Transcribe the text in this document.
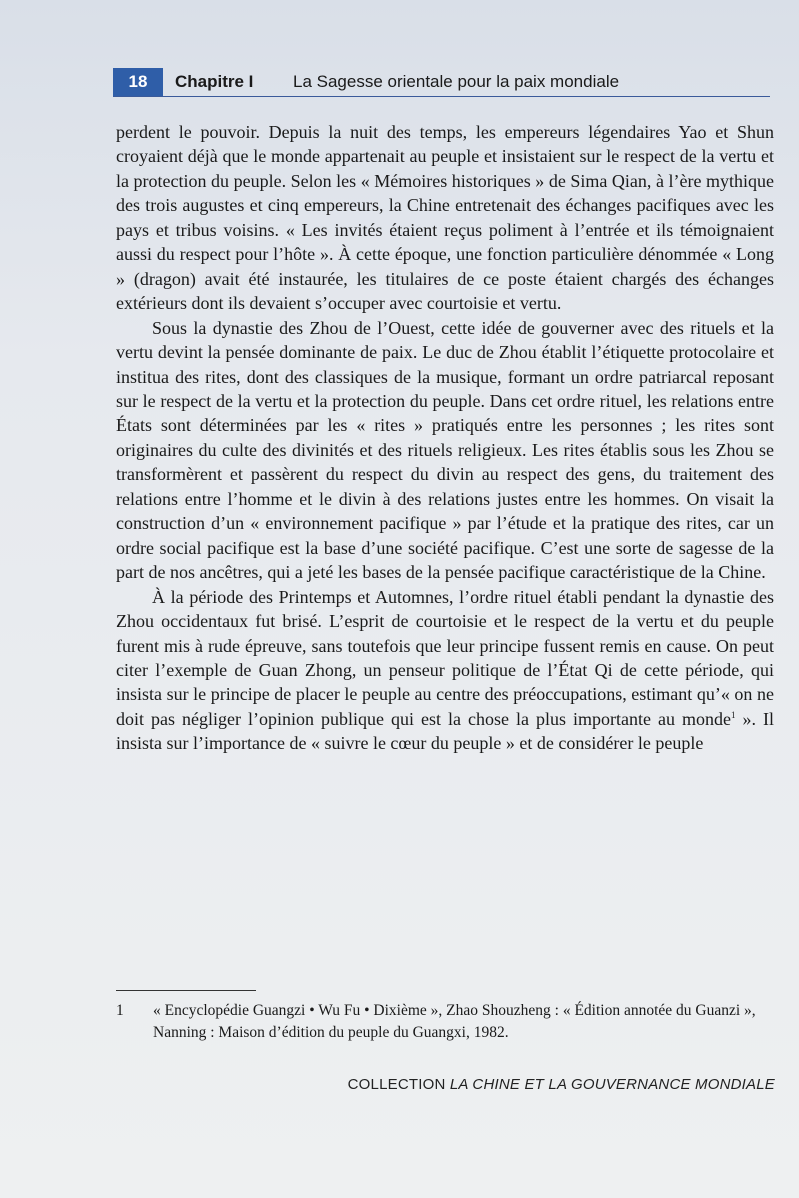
18	Chapitre I La Sagesse orientale pour la paix mondiale

perdent le pouvoir. Depuis la nuit des temps, les empereurs légendaires Yao et Shun croyaient déjà que le monde appartenait au peuple et insistaient sur le respect de la vertu et la protection du peuple. Selon les « Mémoires historiques » de Sima Qian, à l’ère mythique des trois augustes et cinq empereurs, la Chine entretenait des échanges pacifiques avec les pays et tribus voisins. « Les invités étaient reçus poliment à l’entrée et ils témoignaient aussi du respect pour l’hôte ». À cette époque, une fonction particulière dénommée « Long » (dragon) avait été instaurée, les titulaires de ce poste étaient chargés des échanges extérieurs dont ils devaient s’occuper avec courtoisie et vertu.

Sous la dynastie des Zhou de l’Ouest, cette idée de gouverner avec des rituels et la vertu devint la pensée dominante de paix. Le duc de Zhou établit l’étiquette protocolaire et institua des rites, dont des classiques de la musique, formant un ordre patriarcal reposant sur le respect de la vertu et la protection du peuple. Dans cet ordre rituel, les relations entre États sont déterminées par les « rites » pratiqués entre les personnes ; les rites sont originaires du culte des divinités et des rituels religieux. Les rites établis sous les Zhou se transformèrent et passèrent du respect du divin au respect des gens, du traitement des relations entre l’homme et le divin à des relations justes entre les hommes. On visait la construction d’un « environnement pacifique » par l’étude et la pratique des rites, car un ordre social pacifique est la base d’une société pacifique. C’est une sorte de sagesse de la part de nos ancêtres, qui a jeté les bases de la pensée pacifique caractéristique de la Chine.

À la période des Printemps et Automnes, l’ordre rituel établi pendant la dynastie des Zhou occidentaux fut brisé. L’esprit de courtoisie et le respect de la vertu et du peuple furent mis à rude épreuve, sans toutefois que leur principe fussent remis en cause. On peut citer l’exemple de Guan Zhong, un penseur politique de l’État Qi de cette période, qui insista sur le principe de placer le peuple au centre des préoccupations, estimant qu’« on ne doit pas négliger l’opinion publique qui est la chose la plus importante au monde$^1$ ». Il insista sur l’importance de « suivre le cœur du peuple » et de considérer le peuple

1 « Encyclopédie Guangzi • Wu Fu • Dixième », Zhao Shouzheng : « Édition annotée du Guanzi », Nanning : Maison d’édition du peuple du Guangxi, 1982.
COLLECTION LA CHINE ET LA GOUVERNANCE MONDIALE
